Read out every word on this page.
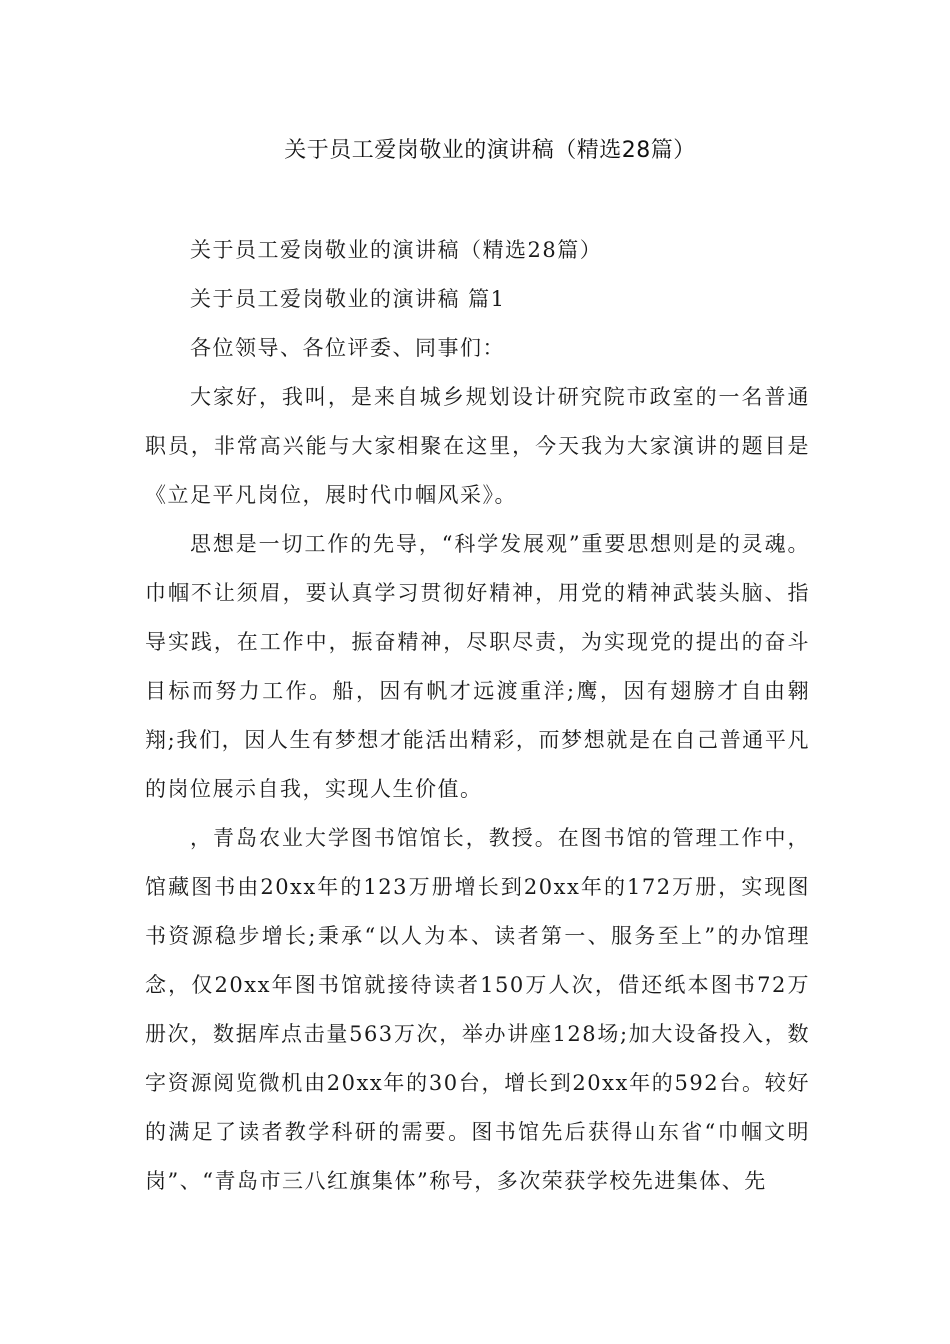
关于员工爱岗敬业的演讲稿（精选28篇）

关于员工爱岗敬业的演讲稿（精选28篇）

关于员工爱岗敬业的演讲稿 篇1

各位领导、各位评委、同事们：

大家好，我叫，是来自城乡规划设计研究院市政室的一名普通职员，非常高兴能与大家相聚在这里，今天我为大家演讲的题目是《立足平凡岗位，展时代巾帼风采》。

思想是一切工作的先导，“科学发展观”重要思想则是的灵魂。巾帼不让须眉，要认真学习贯彻好精神，用党的精神武装头脑、指导实践，在工作中，振奋精神，尽职尽责，为实现党的提出的奋斗目标而努力工作。船，因有帆才远渡重洋;鹰，因有翅膀才自由翱翔;我们，因人生有梦想才能活出精彩，而梦想就是在自己普通平凡的岗位展示自我，实现人生价值。

，青岛农业大学图书馆馆长，教授。在图书馆的管理工作中，馆藏图书由20xx年的123万册增长到20xx年的172万册，实现图书资源稳步增长;秉承“以人为本、读者第一、服务至上”的办馆理念，仅20xx年图书馆就接待读者150万人次，借还纸本图书72万册次，数据库点击量563万次，举办讲座128场;加大设备投入，数字资源阅览微机由20xx年的30台，增长到20xx年的592台。较好的满足了读者教学科研的需要。图书馆先后获得山东省“巾帼文明岗”、“青岛市三八红旗集体”称号，多次荣获学校先进集体、先
